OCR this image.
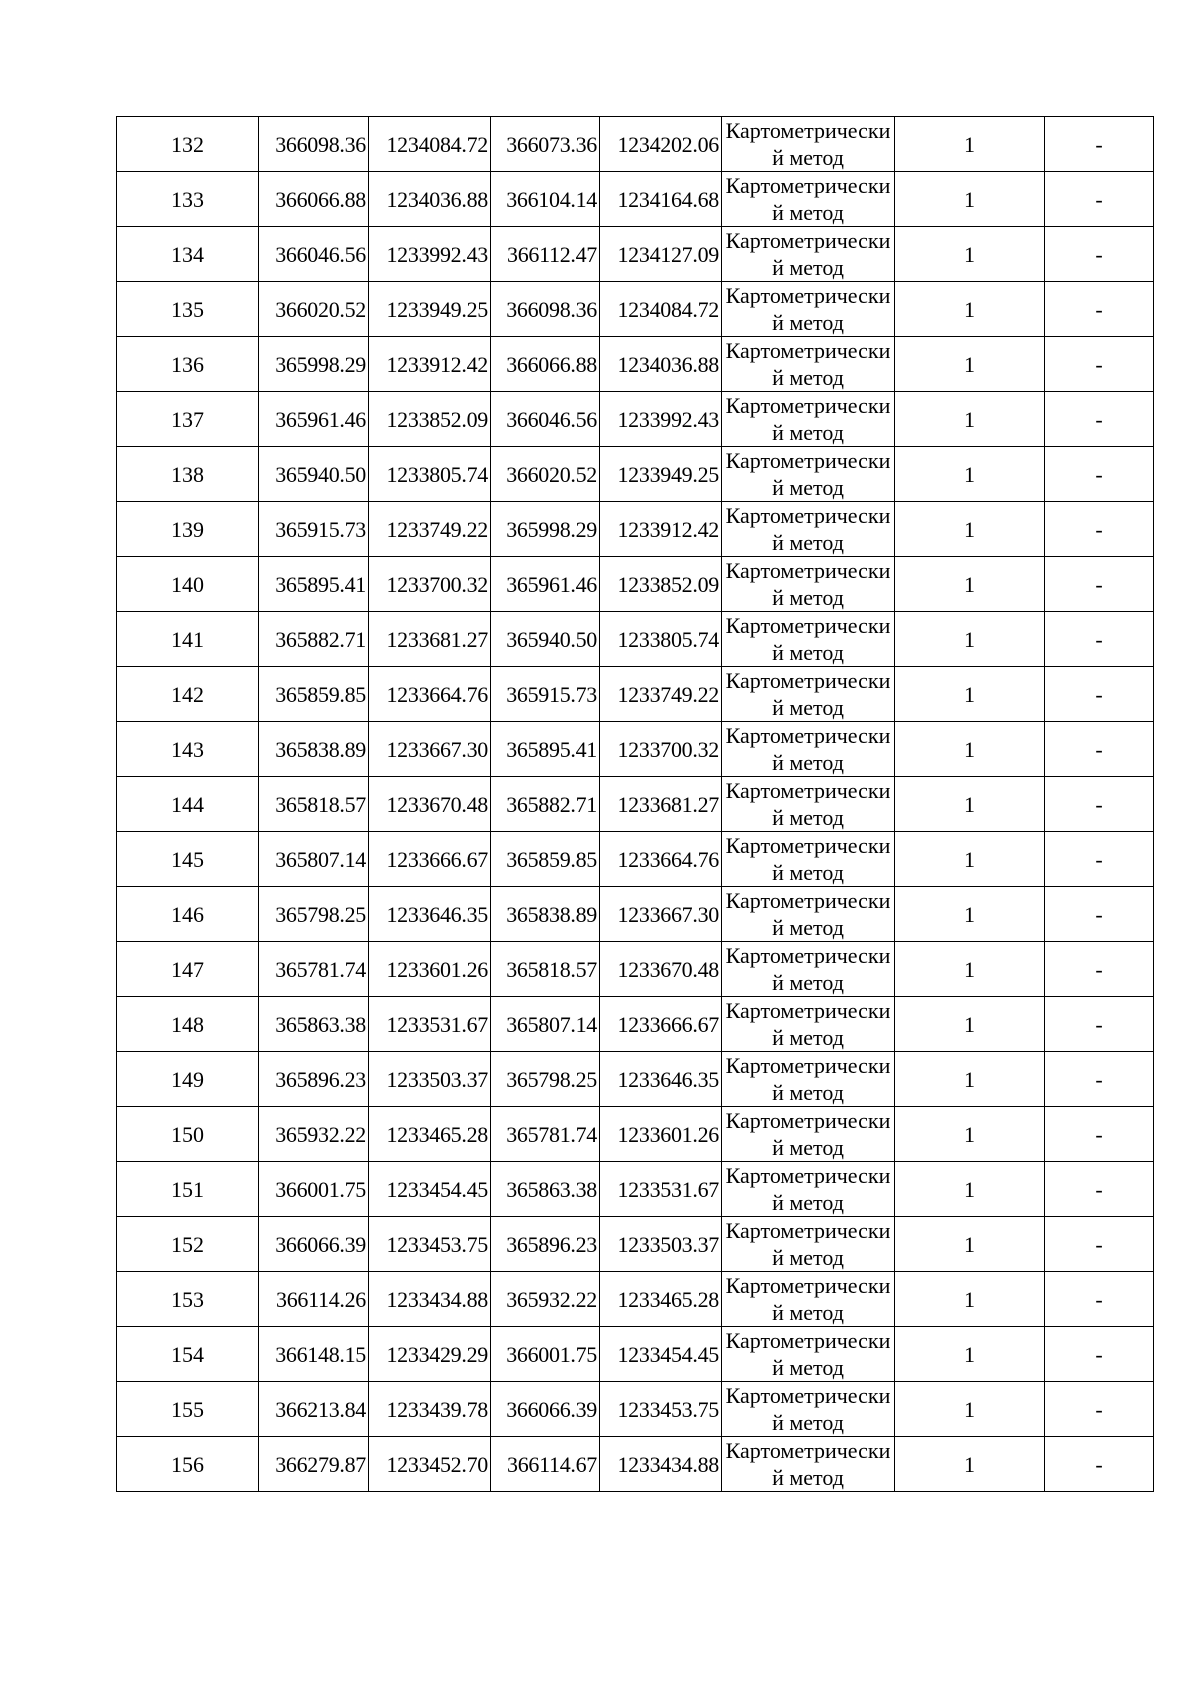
132	366098.36	1234084.72	366073.36	1234202.06	Картометрический метод	1	-
133	366066.88	1234036.88	366104.14	1234164.68	Картометрический метод	1	-
134	366046.56	1233992.43	366112.47	1234127.09	Картометрический метод	1	-
135	366020.52	1233949.25	366098.36	1234084.72	Картометрический метод	1	-
136	365998.29	1233912.42	366066.88	1234036.88	Картометрический метод	1	-
137	365961.46	1233852.09	366046.56	1233992.43	Картометрический метод	1	-
138	365940.50	1233805.74	366020.52	1233949.25	Картометрический метод	1	-
139	365915.73	1233749.22	365998.29	1233912.42	Картометрический метод	1	-
140	365895.41	1233700.32	365961.46	1233852.09	Картометрический метод	1	-
141	365882.71	1233681.27	365940.50	1233805.74	Картометрический метод	1	-
142	365859.85	1233664.76	365915.73	1233749.22	Картометрический метод	1	-
143	365838.89	1233667.30	365895.41	1233700.32	Картометрический метод	1	-
144	365818.57	1233670.48	365882.71	1233681.27	Картометрический метод	1	-
145	365807.14	1233666.67	365859.85	1233664.76	Картометрический метод	1	-
146	365798.25	1233646.35	365838.89	1233667.30	Картометрический метод	1	-
147	365781.74	1233601.26	365818.57	1233670.48	Картометрический метод	1	-
148	365863.38	1233531.67	365807.14	1233666.67	Картометрический метод	1	-
149	365896.23	1233503.37	365798.25	1233646.35	Картометрический метод	1	-
150	365932.22	1233465.28	365781.74	1233601.26	Картометрический метод	1	-
151	366001.75	1233454.45	365863.38	1233531.67	Картометрический метод	1	-
152	366066.39	1233453.75	365896.23	1233503.37	Картометрический метод	1	-
153	366114.26	1233434.88	365932.22	1233465.28	Картометрический метод	1	-
154	366148.15	1233429.29	366001.75	1233454.45	Картометрический метод	1	-
155	366213.84	1233439.78	366066.39	1233453.75	Картометрический метод	1	-
156	366279.87	1233452.70	366114.67	1233434.88	Картометрический метод	1	-
